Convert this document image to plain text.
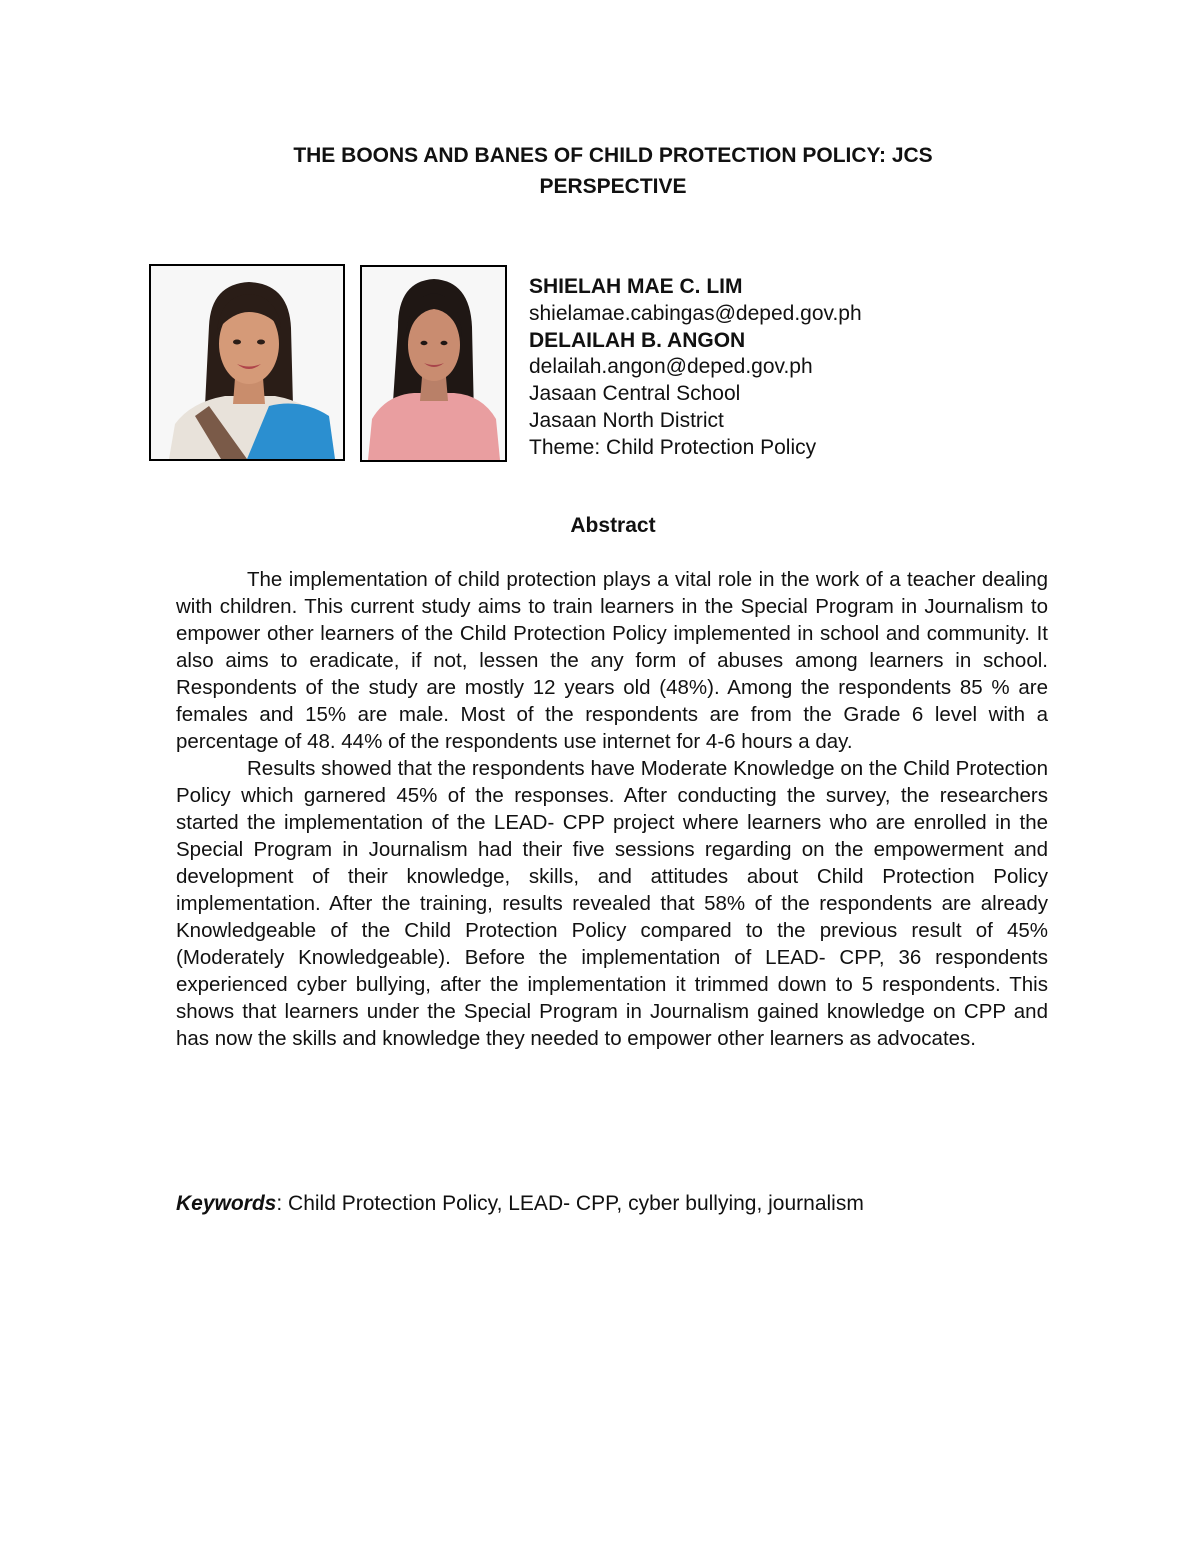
THE BOONS AND BANES OF CHILD PROTECTION POLICY: JCS
PERSPECTIVE
SHIELAH MAE C. LIM
shielamae.cabingas@deped.gov.ph
DELAILAH B. ANGON
delailah.angon@deped.gov.ph
Jasaan Central School
Jasaan North District
Theme: Child Protection Policy
Abstract

The implementation of child protection plays a vital role in the work of a teacher dealing with children. This current study aims to train learners in the Special Program in Journalism to empower other learners of the Child Protection Policy implemented in school and community. It also aims to eradicate, if not, lessen the any form of abuses among learners in school. Respondents of the study are mostly 12 years old (48%). Among the respondents 85 % are females and 15% are male. Most of the respondents are from the Grade 6 level with a percentage of 48. 44% of the respondents use internet for 4-6 hours a day.

Results showed that the respondents have Moderate Knowledge on the Child Protection Policy which garnered 45% of the responses. After conducting the survey, the researchers started the implementation of the LEAD- CPP project where learners who are enrolled in the Special Program in Journalism had their five sessions regarding on the empowerment and development of their knowledge, skills, and attitudes about Child Protection Policy implementation. After the training, results revealed that 58% of the respondents are already Knowledgeable of the Child Protection Policy compared to the previous result of 45% (Moderately Knowledgeable). Before the implementation of LEAD- CPP, 36 respondents experienced cyber bullying, after the implementation it trimmed down to 5 respondents. This shows that learners under the Special Program in Journalism gained knowledge on CPP and has now the skills and knowledge they needed to empower other learners as advocates.

Keywords: Child Protection Policy, LEAD- CPP, cyber bullying, journalism
